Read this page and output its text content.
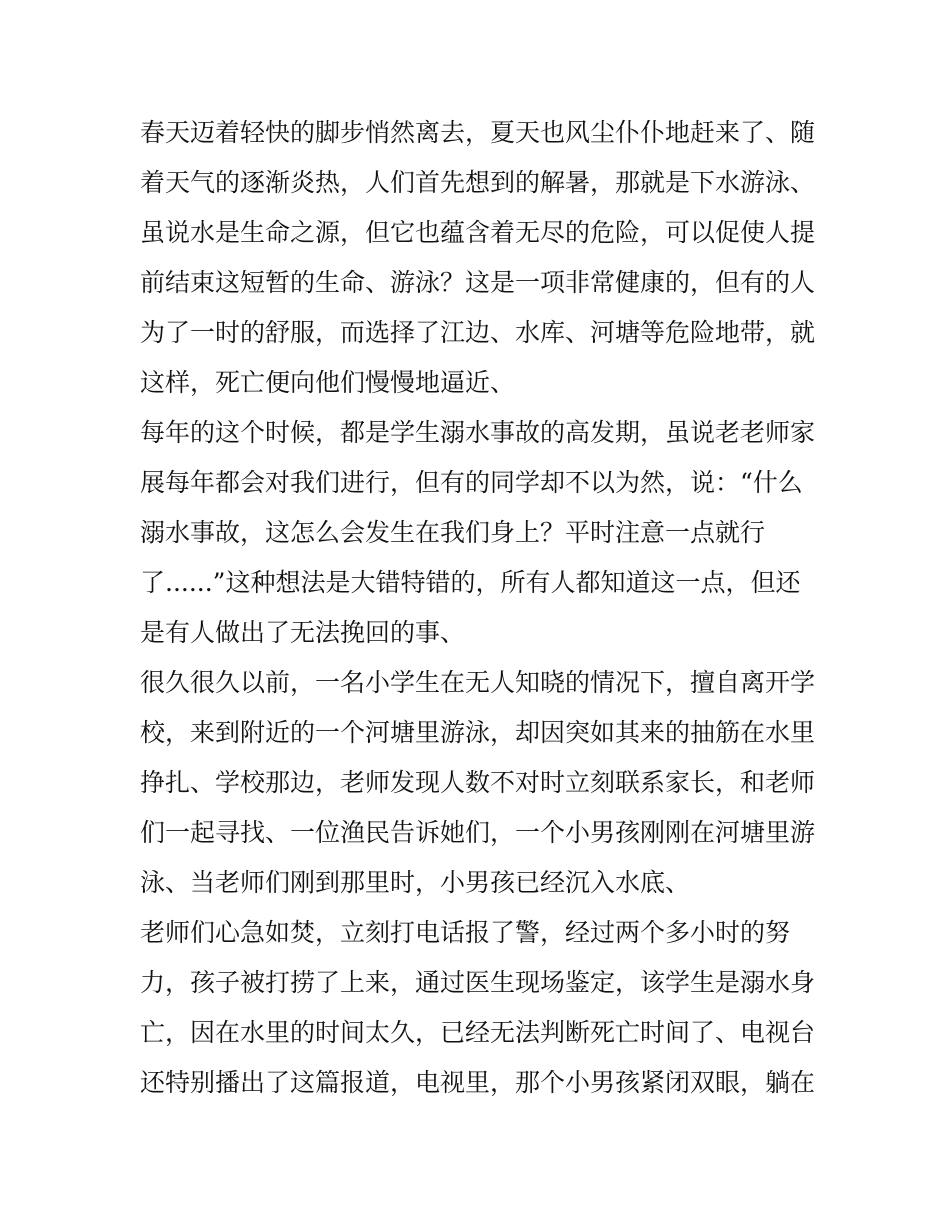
春天迈着轻快的脚步悄然离去，夏天也风尘仆仆地赶来了、随
着天气的逐渐炎热，人们首先想到的解暑，那就是下水游泳、
虽说水是生命之源，但它也蕴含着无尽的危险，可以促使人提
前结束这短暂的生命、游泳？这是一项非常健康的，但有的人
为了一时的舒服，而选择了江边、水库、河塘等危险地带，就
这样，死亡便向他们慢慢地逼近、
每年的这个时候，都是学生溺水事故的高发期，虽说老老师家
展每年都会对我们进行，但有的同学却不以为然，说：“什么
溺水事故，这怎么会发生在我们身上？平时注意一点就行
了......”这种想法是大错特错的，所有人都知道这一点，但还
是有人做出了无法挽回的事、
很久很久以前，一名小学生在无人知晓的情况下，擅自离开学
校，来到附近的一个河塘里游泳，却因突如其来的抽筋在水里
挣扎、学校那边，老师发现人数不对时立刻联系家长，和老师
们一起寻找、一位渔民告诉她们，一个小男孩刚刚在河塘里游
泳、当老师们刚到那里时，小男孩已经沉入水底、
老师们心急如焚，立刻打电话报了警，经过两个多小时的努
力，孩子被打捞了上来，通过医生现场鉴定，该学生是溺水身
亡，因在水里的时间太久，已经无法判断死亡时间了、电视台
还特别播出了这篇报道，电视里，那个小男孩紧闭双眼，躺在
